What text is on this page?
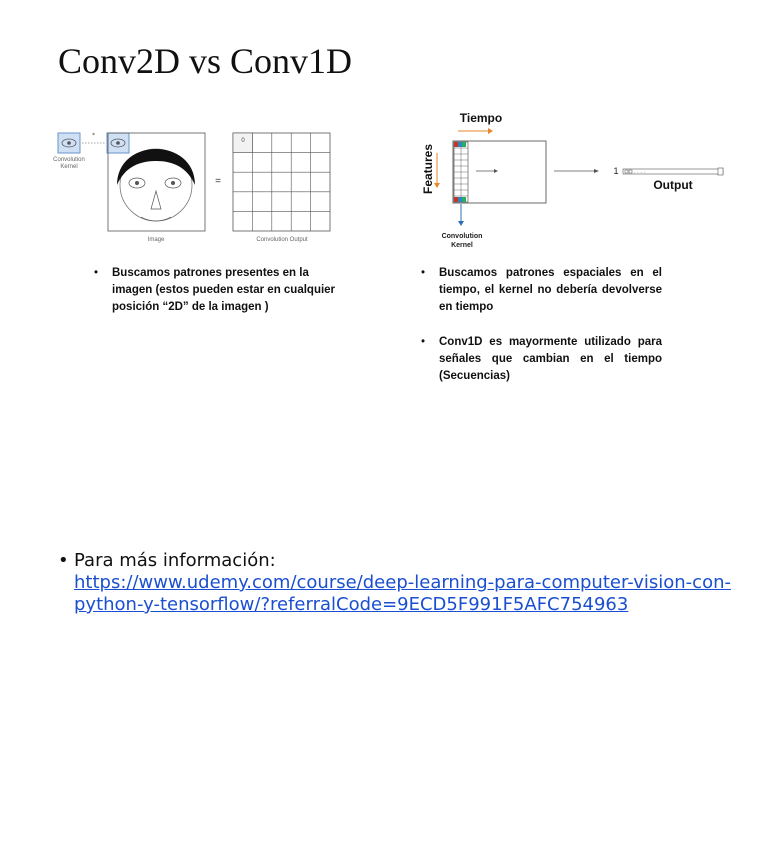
Conv2D vs Conv1D
*
0
=
Convolution Kernel
Image	Convolution Output
· · · ·
Tiempo
Features
Convolution Kernel
1
Output
• Buscamos patrones presentes en la imagen (estos pueden estar en cualquier posición “2D” de la imagen )
• Buscamos patrones espaciales en el tiempo, el kernel no debería devolverse en tiempo
• Conv1D es mayormente utilizado para señales que cambian en el tiempo (Secuencias)
• Para más información:
https://www.udemy.com/course/deep-learning-para-computer-vision-con-python-y-tensorflow/?referralCode=9ECD5F991F5AFC754963
